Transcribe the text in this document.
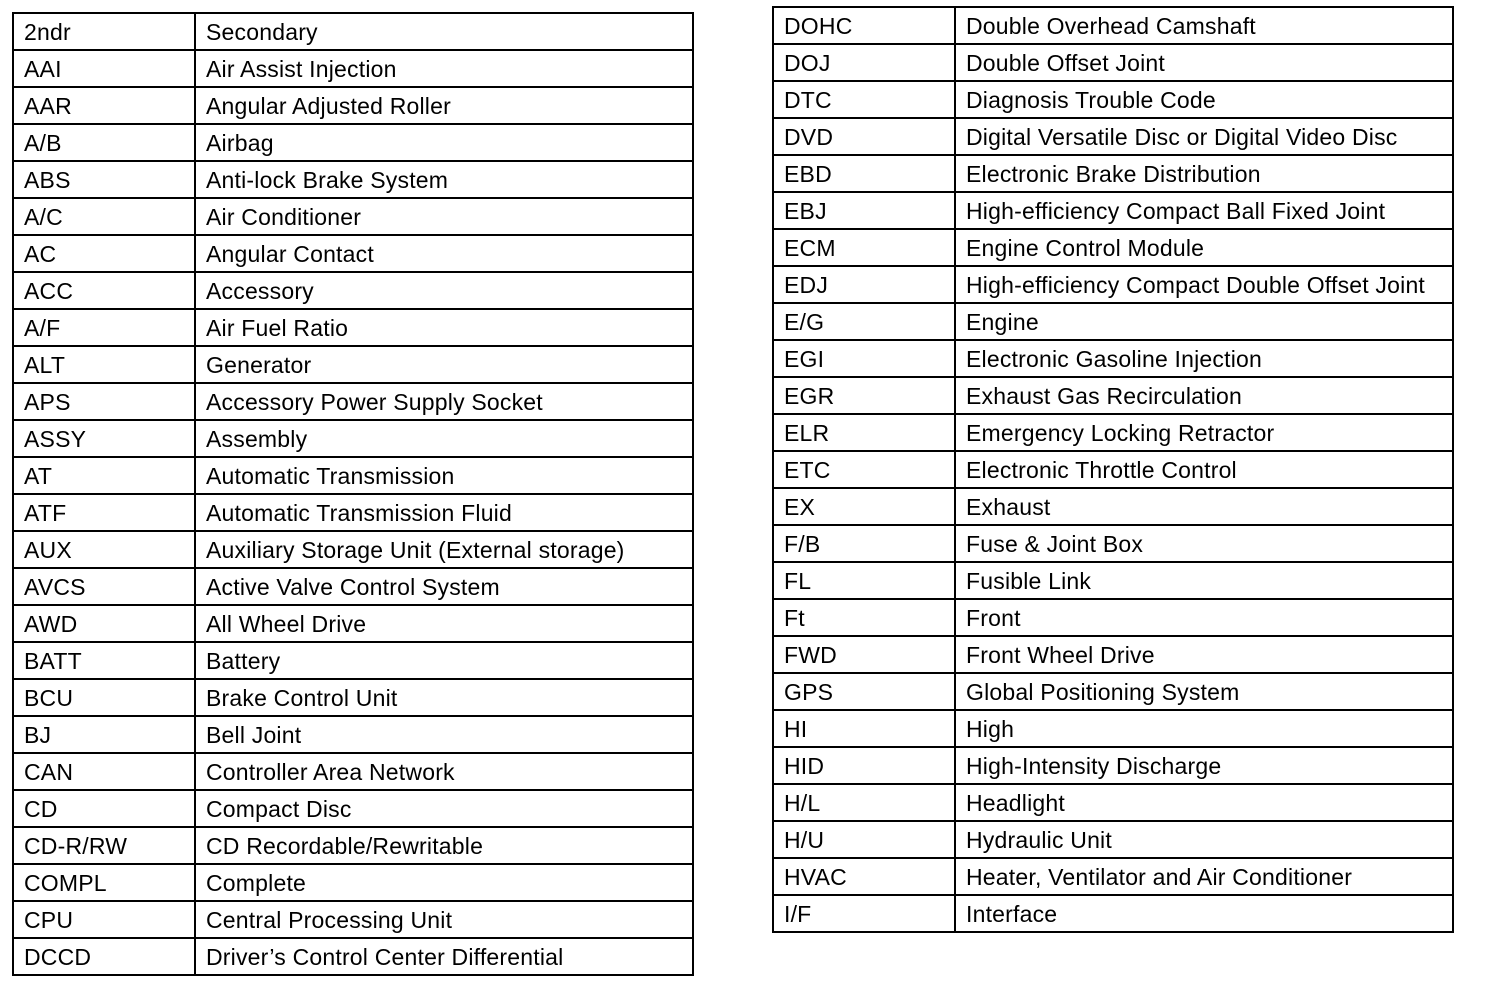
2ndr	Secondary
AAI	Air Assist Injection
AAR	Angular Adjusted Roller
A/B	Airbag
ABS	Anti-lock Brake System
A/C	Air Conditioner
AC	Angular Contact
ACC	Accessory
A/F	Air Fuel Ratio
ALT	Generator
APS	Accessory Power Supply Socket
ASSY	Assembly
AT	Automatic Transmission
ATF	Automatic Transmission Fluid
AUX	Auxiliary Storage Unit (External storage)
AVCS	Active Valve Control System
AWD	All Wheel Drive
BATT	Battery
BCU	Brake Control Unit
BJ	Bell Joint
CAN	Controller Area Network
CD	Compact Disc
CD-R/RW	CD Recordable/Rewritable
COMPL	Complete
CPU	Central Processing Unit
DCCD	Driver’s Control Center Differential
DOHC	Double Overhead Camshaft
DOJ	Double Offset Joint
DTC	Diagnosis Trouble Code
DVD	Digital Versatile Disc or Digital Video Disc
EBD	Electronic Brake Distribution
EBJ	High-efficiency Compact Ball Fixed Joint
ECM	Engine Control Module
EDJ	High-efficiency Compact Double Offset Joint
E/G	Engine
EGI	Electronic Gasoline Injection
EGR	Exhaust Gas Recirculation
ELR	Emergency Locking Retractor
ETC	Electronic Throttle Control
EX	Exhaust
F/B	Fuse & Joint Box
FL	Fusible Link
Ft	Front
FWD	Front Wheel Drive
GPS	Global Positioning System
HI	High
HID	High-Intensity Discharge
H/L	Headlight
H/U	Hydraulic Unit
HVAC	Heater, Ventilator and Air Conditioner
I/F	Interface
